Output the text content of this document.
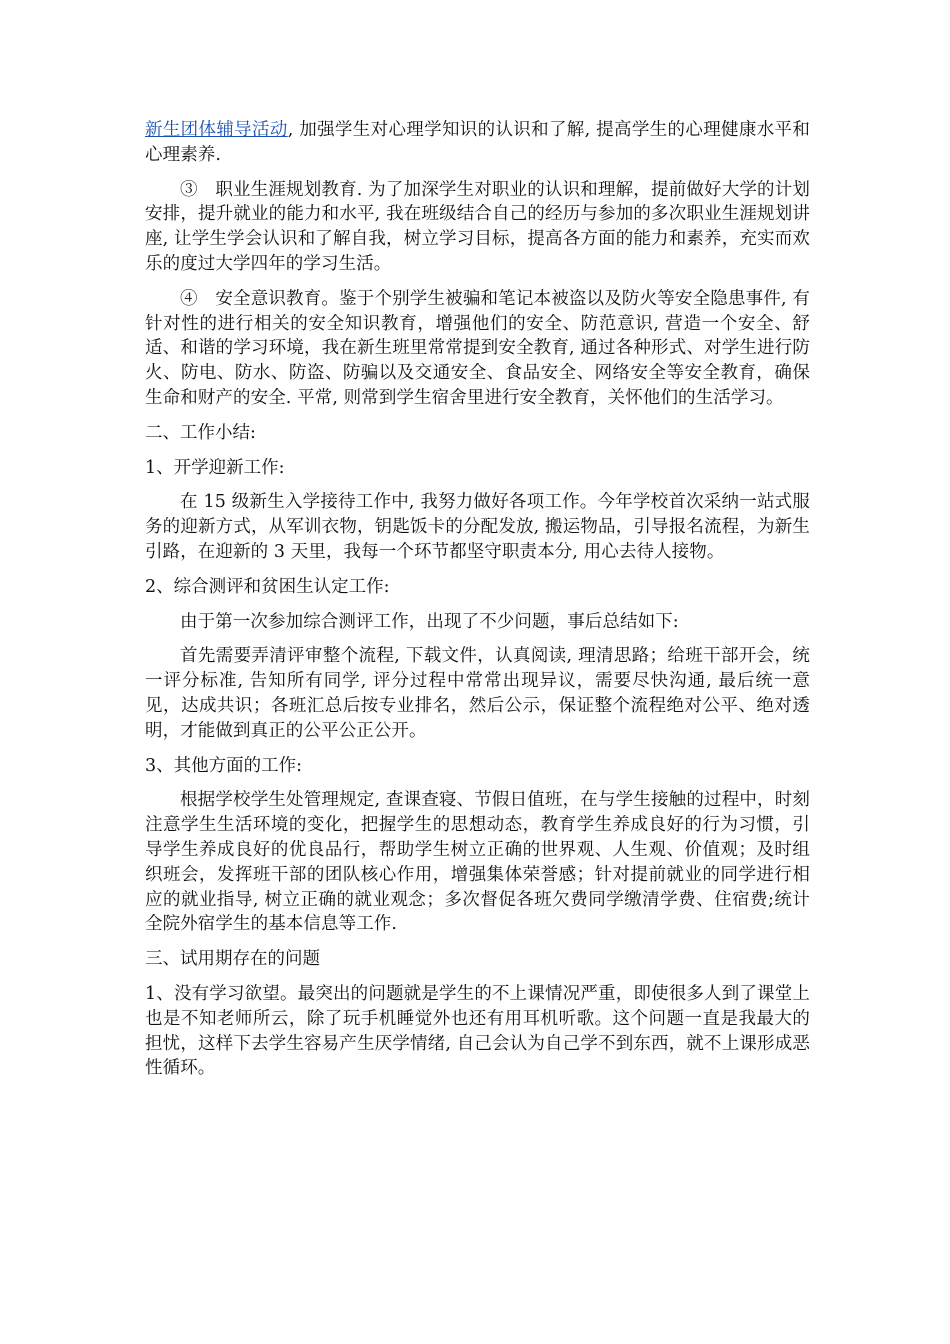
新生团体辅导活动, 加强学生对心理学知识的认识和了解, 提高学生的心理健康水平和心理素养.

③　职业生涯规划教育. 为了加深学生对职业的认识和理解，提前做好大学的计划安排，提升就业的能力和水平, 我在班级结合自己的经历与参加的多次职业生涯规划讲座, 让学生学会认识和了解自我，树立学习目标，提高各方面的能力和素养，充实而欢乐的度过大学四年的学习生活。

④　安全意识教育。鉴于个别学生被骗和笔记本被盗以及防火等安全隐患事件, 有针对性的进行相关的安全知识教育，增强他们的安全、防范意识, 营造一个安全、舒适、和谐的学习环境，我在新生班里常常提到安全教育, 通过各种形式、对学生进行防火、防电、防水、防盗、防骗以及交通安全、食品安全、网络安全等安全教育，确保生命和财产的安全. 平常, 则常到学生宿舍里进行安全教育，关怀他们的生活学习。

二、工作小结:

1、开学迎新工作:

在 15 级新生入学接待工作中, 我努力做好各项工作。今年学校首次采纳一站式服务的迎新方式，从军训衣物，钥匙饭卡的分配发放, 搬运物品，引导报名流程，为新生引路，在迎新的 3 天里，我每一个环节都坚守职责本分, 用心去待人接物。

2、综合测评和贫困生认定工作:

由于第一次参加综合测评工作，出现了不少问题，事后总结如下:

首先需要弄清评审整个流程, 下载文件，认真阅读, 理清思路；给班干部开会，统一评分标准, 告知所有同学, 评分过程中常常出现异议，需要尽快沟通, 最后统一意见，达成共识；各班汇总后按专业排名，然后公示，保证整个流程绝对公平、绝对透明，才能做到真正的公平公正公开。

3、其他方面的工作:

根据学校学生处管理规定, 查课查寝、节假日值班，在与学生接触的过程中，时刻注意学生生活环境的变化，把握学生的思想动态，教育学生养成良好的行为习惯，引导学生养成良好的优良品行，帮助学生树立正确的世界观、人生观、价值观；及时组织班会，发挥班干部的团队核心作用，增强集体荣誉感；针对提前就业的同学进行相应的就业指导, 树立正确的就业观念；多次督促各班欠费同学缴清学费、住宿费;统计全院外宿学生的基本信息等工作.

三、试用期存在的问题

1、没有学习欲望。最突出的问题就是学生的不上课情况严重，即使很多人到了课堂上也是不知老师所云，除了玩手机睡觉外也还有用耳机听歌。这个问题一直是我最大的担忧，这样下去学生容易产生厌学情绪, 自己会认为自己学不到东西，就不上课形成恶性循环。
